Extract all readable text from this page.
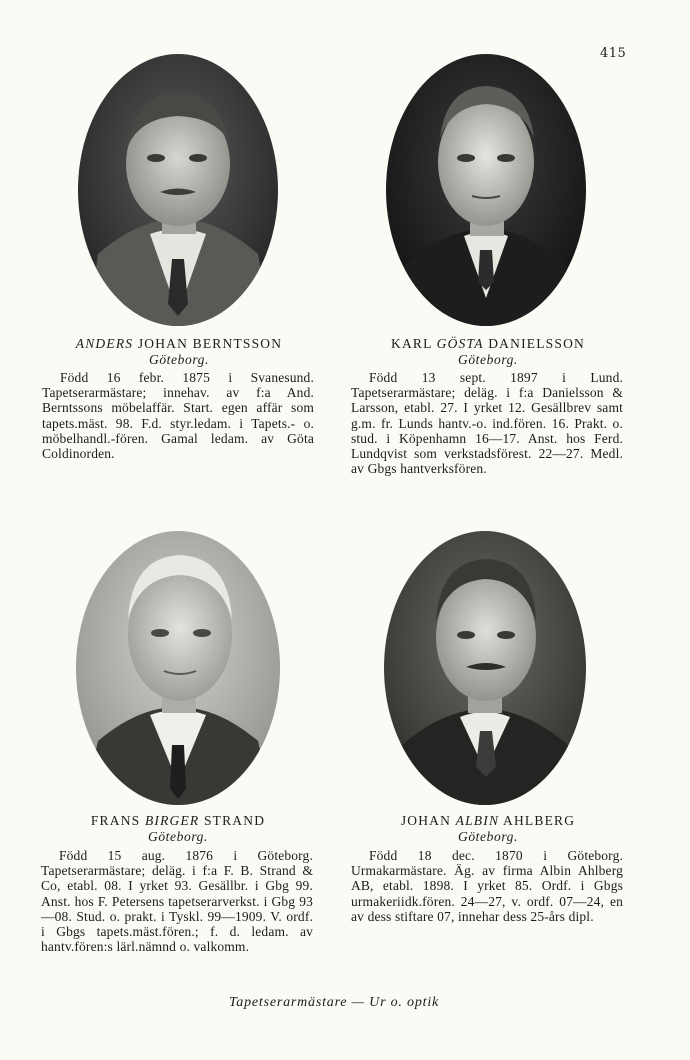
415
ANDERS JOHAN BERNTSSON
Göteborg.
Född 16 febr. 1875 i Svanesund. Tapetserarmästare; innehav. av f:a And. Berntssons möbelaffär. Start. egen affär som tapets.mäst. 98. F.d. styr.ledam. i Tapets.- o. möbelhandl.-fören. Gamal ledam. av Göta Coldinorden.
KARL GÖSTA DANIELSSON
Göteborg.
Född 13 sept. 1897 i Lund. Tapetserarmästare; deläg. i f:a Danielsson & Larsson, etabl. 27. I yrket 12. Gesällbrev samt g.m. fr. Lunds hantv.-o. ind.fören. 16. Prakt. o. stud. i Köpenhamn 16—17. Anst. hos Ferd. Lundqvist som verkstadsförest. 22—27. Medl. av Gbgs hantverksfören.
FRANS BIRGER STRAND
Göteborg.
Född 15 aug. 1876 i Göteborg. Tapetserarmästare; deläg. i f:a F. B. Strand & Co, etabl. 08. I yrket 93. Gesällbr. i Gbg 99. Anst. hos F. Petersens tapetserarverkst. i Gbg 93—08. Stud. o. prakt. i Tyskl. 99—1909. V. ordf. i Gbgs tapets.mäst.fören.; f. d. ledam. av hantv.fören:s lärl.nämnd o. valkomm.
JOHAN ALBIN AHLBERG
Göteborg.
Född 18 dec. 1870 i Göteborg. Urmakarmästare. Äg. av firma Albin Ahlberg AB, etabl. 1898. I yrket 85. Ordf. i Gbgs urmakeriidk.fören. 24—27, v. ordf. 07—24, en av dess stiftare 07, innehar dess 25-års dipl.
Tapetserarmästare — Ur o. optik
